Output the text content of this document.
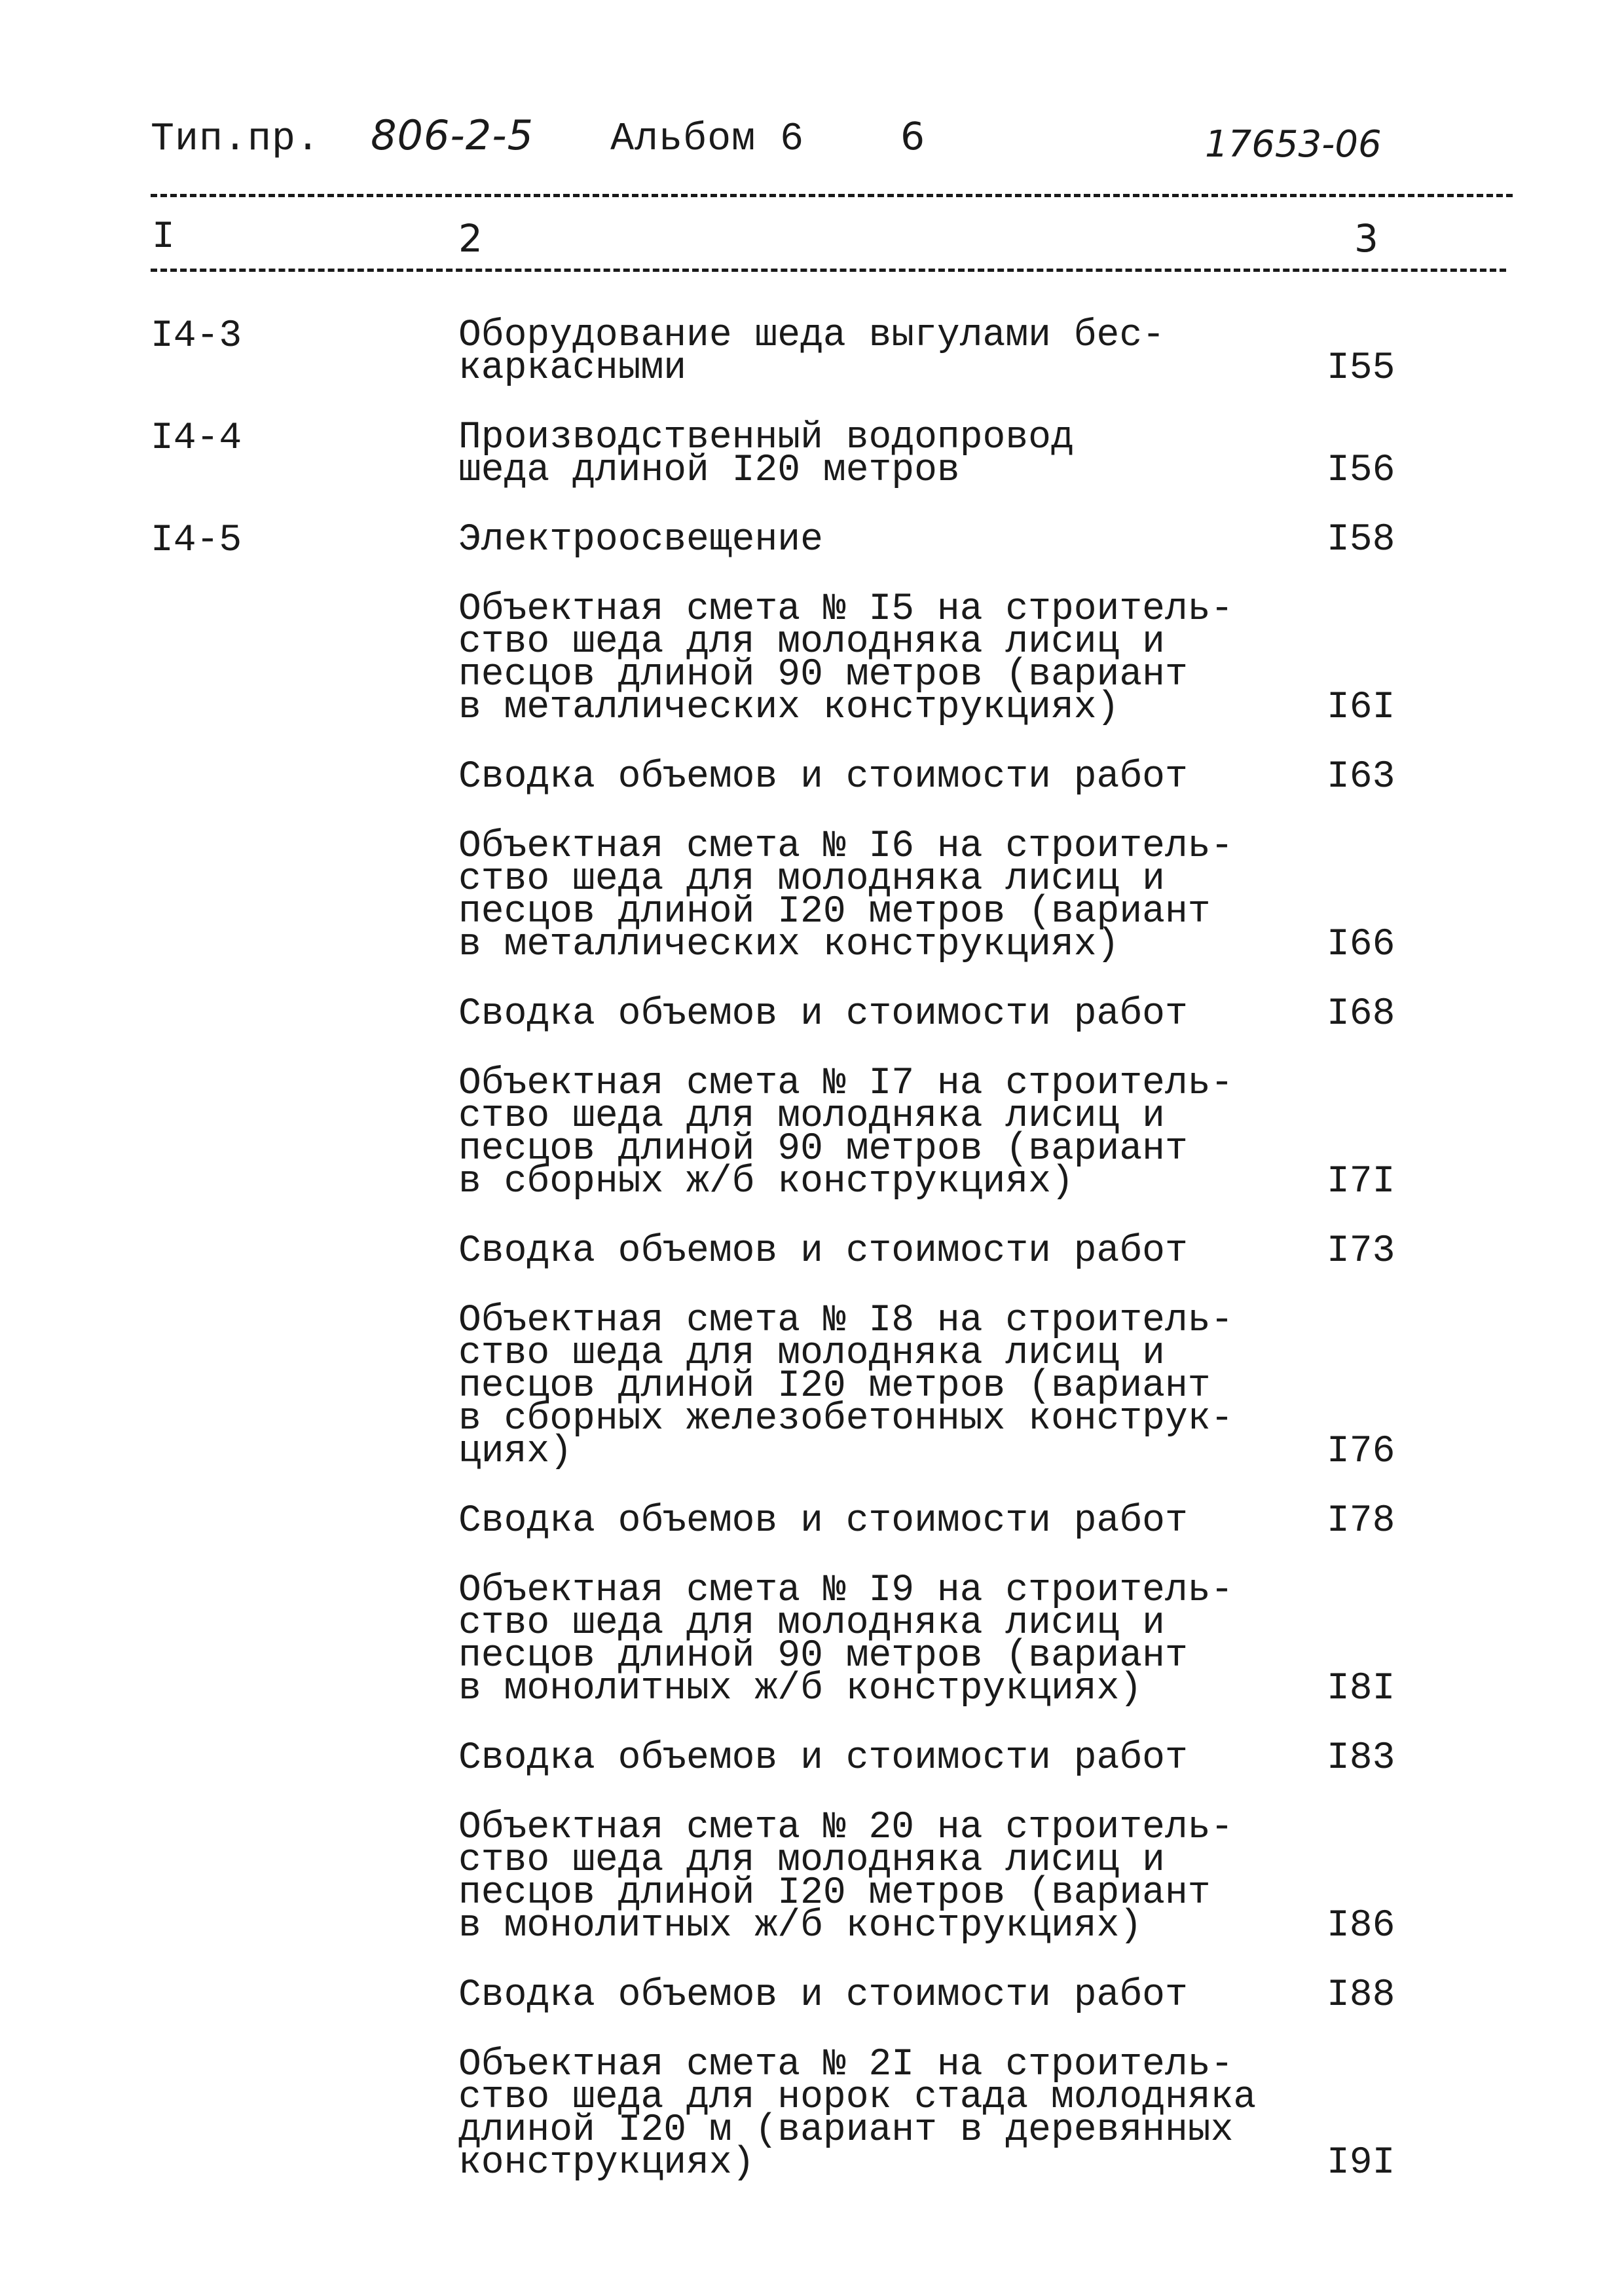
Тип.пр. 806-2-5 Альбом 6	6	17653-06
I	2	3
I4-3	Оборудование шеда выгулами бес-
каркасными	I55
I4-4	Производственный водопровод
шеда длиной I20 метров	I56
I4-5	Электроосвещение	I58
Объектная смета № I5 на строитель-
ство шеда для молодняка лисиц и
песцов длиной 90 метров (вариант
в металлических конструкциях)	I6I
Сводка объемов и стоимости работ	I63
Объектная смета № I6 на строитель-
ство шеда для молодняка лисиц и
песцов длиной I20 метров (вариант
в металлических конструкциях)	I66
Сводка объемов и стоимости работ	I68
Объектная смета № I7 на строитель-
ство шеда для молодняка лисиц и
песцов длиной 90 метров (вариант
в сборных ж/б конструкциях)	I7I
Сводка объемов и стоимости работ	I73
Объектная смета № I8 на строитель-
ство шеда для молодняка лисиц и
песцов длиной I20 метров (вариант
в сборных железобетонных конструк-
циях)	I76
Сводка объемов и стоимости работ	I78
Объектная смета № I9 на строитель-
ство шеда для молодняка лисиц и
песцов длиной 90 метров (вариант
в монолитных ж/б конструкциях)	I8I
Сводка объемов и стоимости работ	I83
Объектная смета № 20 на строитель-
ство шеда для молодняка лисиц и
песцов длиной I20 метров (вариант
в монолитных ж/б конструкциях)	I86
Сводка объемов и стоимости работ	I88
Объектная смета № 2I на строитель-
ство шеда для норок стада молодняка
длиной I20 м (вариант в деревянных
конструкциях)	I9I
